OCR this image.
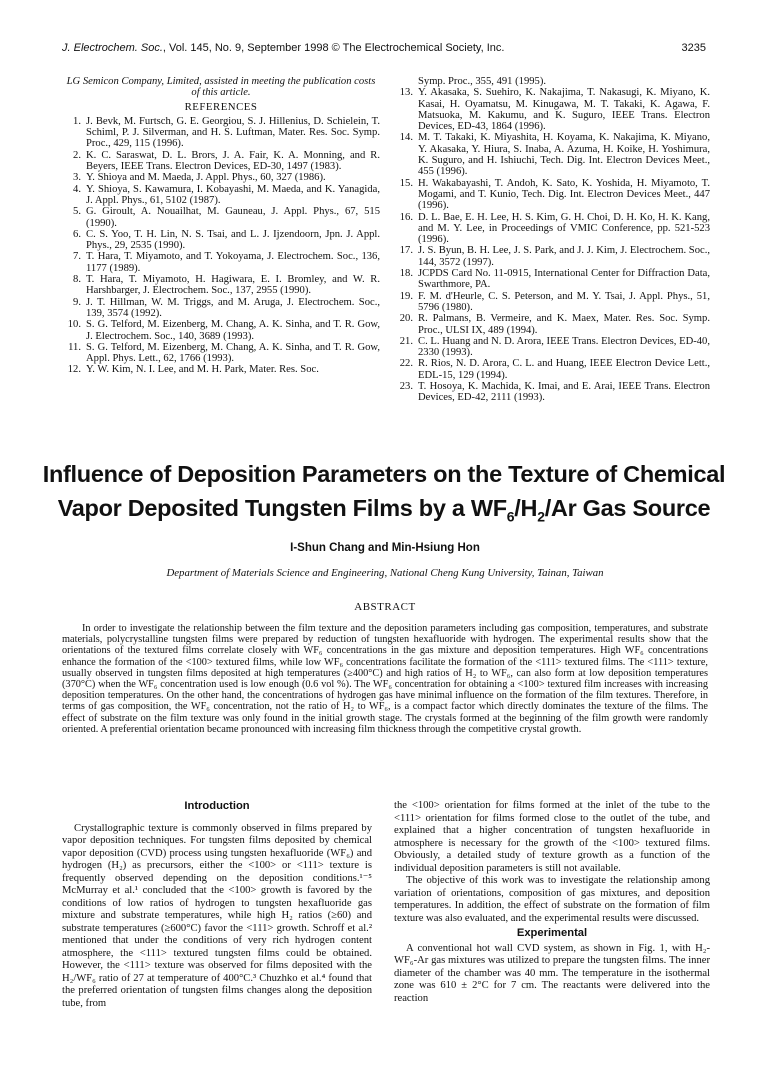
J. Electrochem. Soc., Vol. 145, No. 9, September 1998 © The Electrochemical Society, Inc.	3235
LG Semicon Company, Limited, assisted in meeting the publication costs of this article.
REFERENCES
1. J. Bevk, M. Furtsch, G. E. Georgiou, S. J. Hillenius, D. Schielein, T. Schiml, P. J. Silverman, and H. S. Luftman, Mater. Res. Soc. Symp. Proc., 429, 115 (1996).
2. K. C. Saraswat, D. L. Brors, J. A. Fair, K. A. Monning, and R. Beyers, IEEE Trans. Electron Devices, ED-30, 1497 (1983).
3. Y. Shioya and M. Maeda, J. Appl. Phys., 60, 327 (1986).
4. Y. Shioya, S. Kawamura, I. Kobayashi, M. Maeda, and K. Yanagida, J. Appl. Phys., 61, 5102 (1987).
5. G. Giroult, A. Nouailhat, M. Gauneau, J. Appl. Phys., 67, 515 (1990).
6. C. S. Yoo, T. H. Lin, N. S. Tsai, and L. J. Ijzendoorn, Jpn. J. Appl. Phys., 29, 2535 (1990).
7. T. Hara, T. Miyamoto, and T. Yokoyama, J. Electrochem. Soc., 136, 1177 (1989).
8. T. Hara, T. Miyamoto, H. Hagiwara, E. I. Bromley, and W. R. Harshbarger, J. Electrochem. Soc., 137, 2955 (1990).
9. J. T. Hillman, W. M. Triggs, and M. Aruga, J. Electrochem. Soc., 139, 3574 (1992).
10. S. G. Telford, M. Eizenberg, M. Chang, A. K. Sinha, and T. R. Gow, J. Electrochem. Soc., 140, 3689 (1993).
11. S. G. Telford, M. Eizenberg, M. Chang, A. K. Sinha, and T. R. Gow, Appl. Phys. Lett., 62, 1766 (1993).
12. Y. W. Kim, N. I. Lee, and M. H. Park, Mater. Res. Soc.
Symp. Proc., 355, 491 (1995).
13. Y. Akasaka, S. Suehiro, K. Nakajima, T. Nakasugi, K. Miyano, K. Kasai, H. Oyamatsu, M. Kinugawa, M. T. Takaki, K. Agawa, F. Matsuoka, M. Kakumu, and K. Suguro, IEEE Trans. Electron Devices, ED-43, 1864 (1996).
14. M. T. Takaki, K. Miyashita, H. Koyama, K. Nakajima, K. Miyano, Y. Akasaka, Y. Hiura, S. Inaba, A. Azuma, H. Koike, H. Yoshimura, K. Suguro, and H. Ishiuchi, Tech. Dig. Int. Electron Devices Meet., 455 (1996).
15. H. Wakabayashi, T. Andoh, K. Sato, K. Yoshida, H. Miyamoto, T. Mogami, and T. Kunio, Tech. Dig. Int. Electron Devices Meet., 447 (1996).
16. D. L. Bae, E. H. Lee, H. S. Kim, G. H. Choi, D. H. Ko, H. K. Kang, and M. Y. Lee, in Proceedings of VMIC Conference, pp. 521-523 (1996).
17. J. S. Byun, B. H. Lee, J. S. Park, and J. J. Kim, J. Electrochem. Soc., 144, 3572 (1997).
18. JCPDS Card No. 11-0915, International Center for Diffraction Data, Swarthmore, PA.
19. F. M. d'Heurle, C. S. Peterson, and M. Y. Tsai, J. Appl. Phys., 51, 5796 (1980).
20. R. Palmans, B. Vermeire, and K. Maex, Mater. Res. Soc. Symp. Proc., ULSI IX, 489 (1994).
21. C. L. Huang and N. D. Arora, IEEE Trans. Electron Devices, ED-40, 2330 (1993).
22. R. Rios, N. D. Arora, C. L. and Huang, IEEE Electron Device Lett., EDL-15, 129 (1994).
23. T. Hosoya, K. Machida, K. Imai, and E. Arai, IEEE Trans. Electron Devices, ED-42, 2111 (1993).
Influence of Deposition Parameters on the Texture of Chemical
Vapor Deposited Tungsten Films by a $WF_6/H_2/Ar$ Gas Source
I-Shun Chang and Min-Hsiung Hon
Department of Materials Science and Engineering, National Cheng Kung University, Tainan, Taiwan
ABSTRACT
In order to investigate the relationship between the film texture and the deposition parameters including gas composition, temperatures, and substrate materials, polycrystalline tungsten films were prepared by reduction of tungsten hexafluoride with hydrogen. The experimental results show that the orientations of the textured films correlate closely with WF₆ concentrations in the gas mixture and deposition temperatures. High WF₆ concentrations enhance the formation of the <100> textured films, while low WF₆ concentrations facilitate the formation of the <111> textured films. The <111> texture, usually observed in tungsten films deposited at high temperatures (≥400°C) and high ratios of H₂ to WF₆, can also form at low deposition temperatures (370°C) when the WF₆ concentration used is low enough (0.6 vol %). The WF₆ concentration for obtaining a <100> textured film increases with increasing deposition temperatures. On the other hand, the concentrations of hydrogen gas have minimal influence on the formation of the film textures. Therefore, in terms of gas composition, the WF₆ concentration, not the ratio of H₂ to WF₆, is a compact factor which directly dominates the texture of the films. The effect of substrate on the film texture was only found in the initial growth stage. The crystals formed at the beginning of the film growth were randomly oriented. A preferential orientation became pronounced with increasing film thickness through the competitive crystal growth.
Introduction

Crystallographic texture is commonly observed in films prepared by vapor deposition techniques. For tungsten films deposited by chemical vapor deposition (CVD) process using tungsten hexafluoride (WF₆) and hydrogen (H₂) as precursors, either the <100> or <111> texture is frequently observed depending on the deposition conditions.¹⁻⁵ McMurray et al.¹ concluded that the <100> growth is favored by the conditions of low ratios of hydrogen to tungsten hexafluoride gas mixture and substrate temperatures, while high H₂ ratios (≥60) and substrate temperatures (≥600°C) favor the <111> growth. Schroff et al.² mentioned that under the conditions of very rich hydrogen content atmosphere, the <111> textured tungsten films could be obtained. However, the <111> texture was observed for films deposited with the H₂/WF₆ ratio of 27 at temperature of 400°C.³ Chuzhko et al.⁴ found that the preferred orientation of tungsten films changes along the deposition tube, from

the <100> orientation for films formed at the inlet of the tube to the <111> orientation for films formed close to the outlet of the tube, and explained that a higher concentration of tungsten hexafluoride in atmosphere is necessary for the growth of the <100> textured films. Obviously, a detailed study of texture growth as a function of the individual deposition parameters is still not available.

The objective of this work was to investigate the relationship among variation of orientations, composition of gas mixtures, and deposition temperatures. In addition, the effect of substrate on the formation of film texture was also evaluated, and the experimental results were discussed.

Experimental

A conventional hot wall CVD system, as shown in Fig. 1, with H₂-WF₆-Ar gas mixtures was utilized to prepare the tungsten films. The inner diameter of the chamber was 40 mm. The temperature in the isothermal zone was 610 ± 2°C for 7 cm. The reactants were delivered into the reaction
